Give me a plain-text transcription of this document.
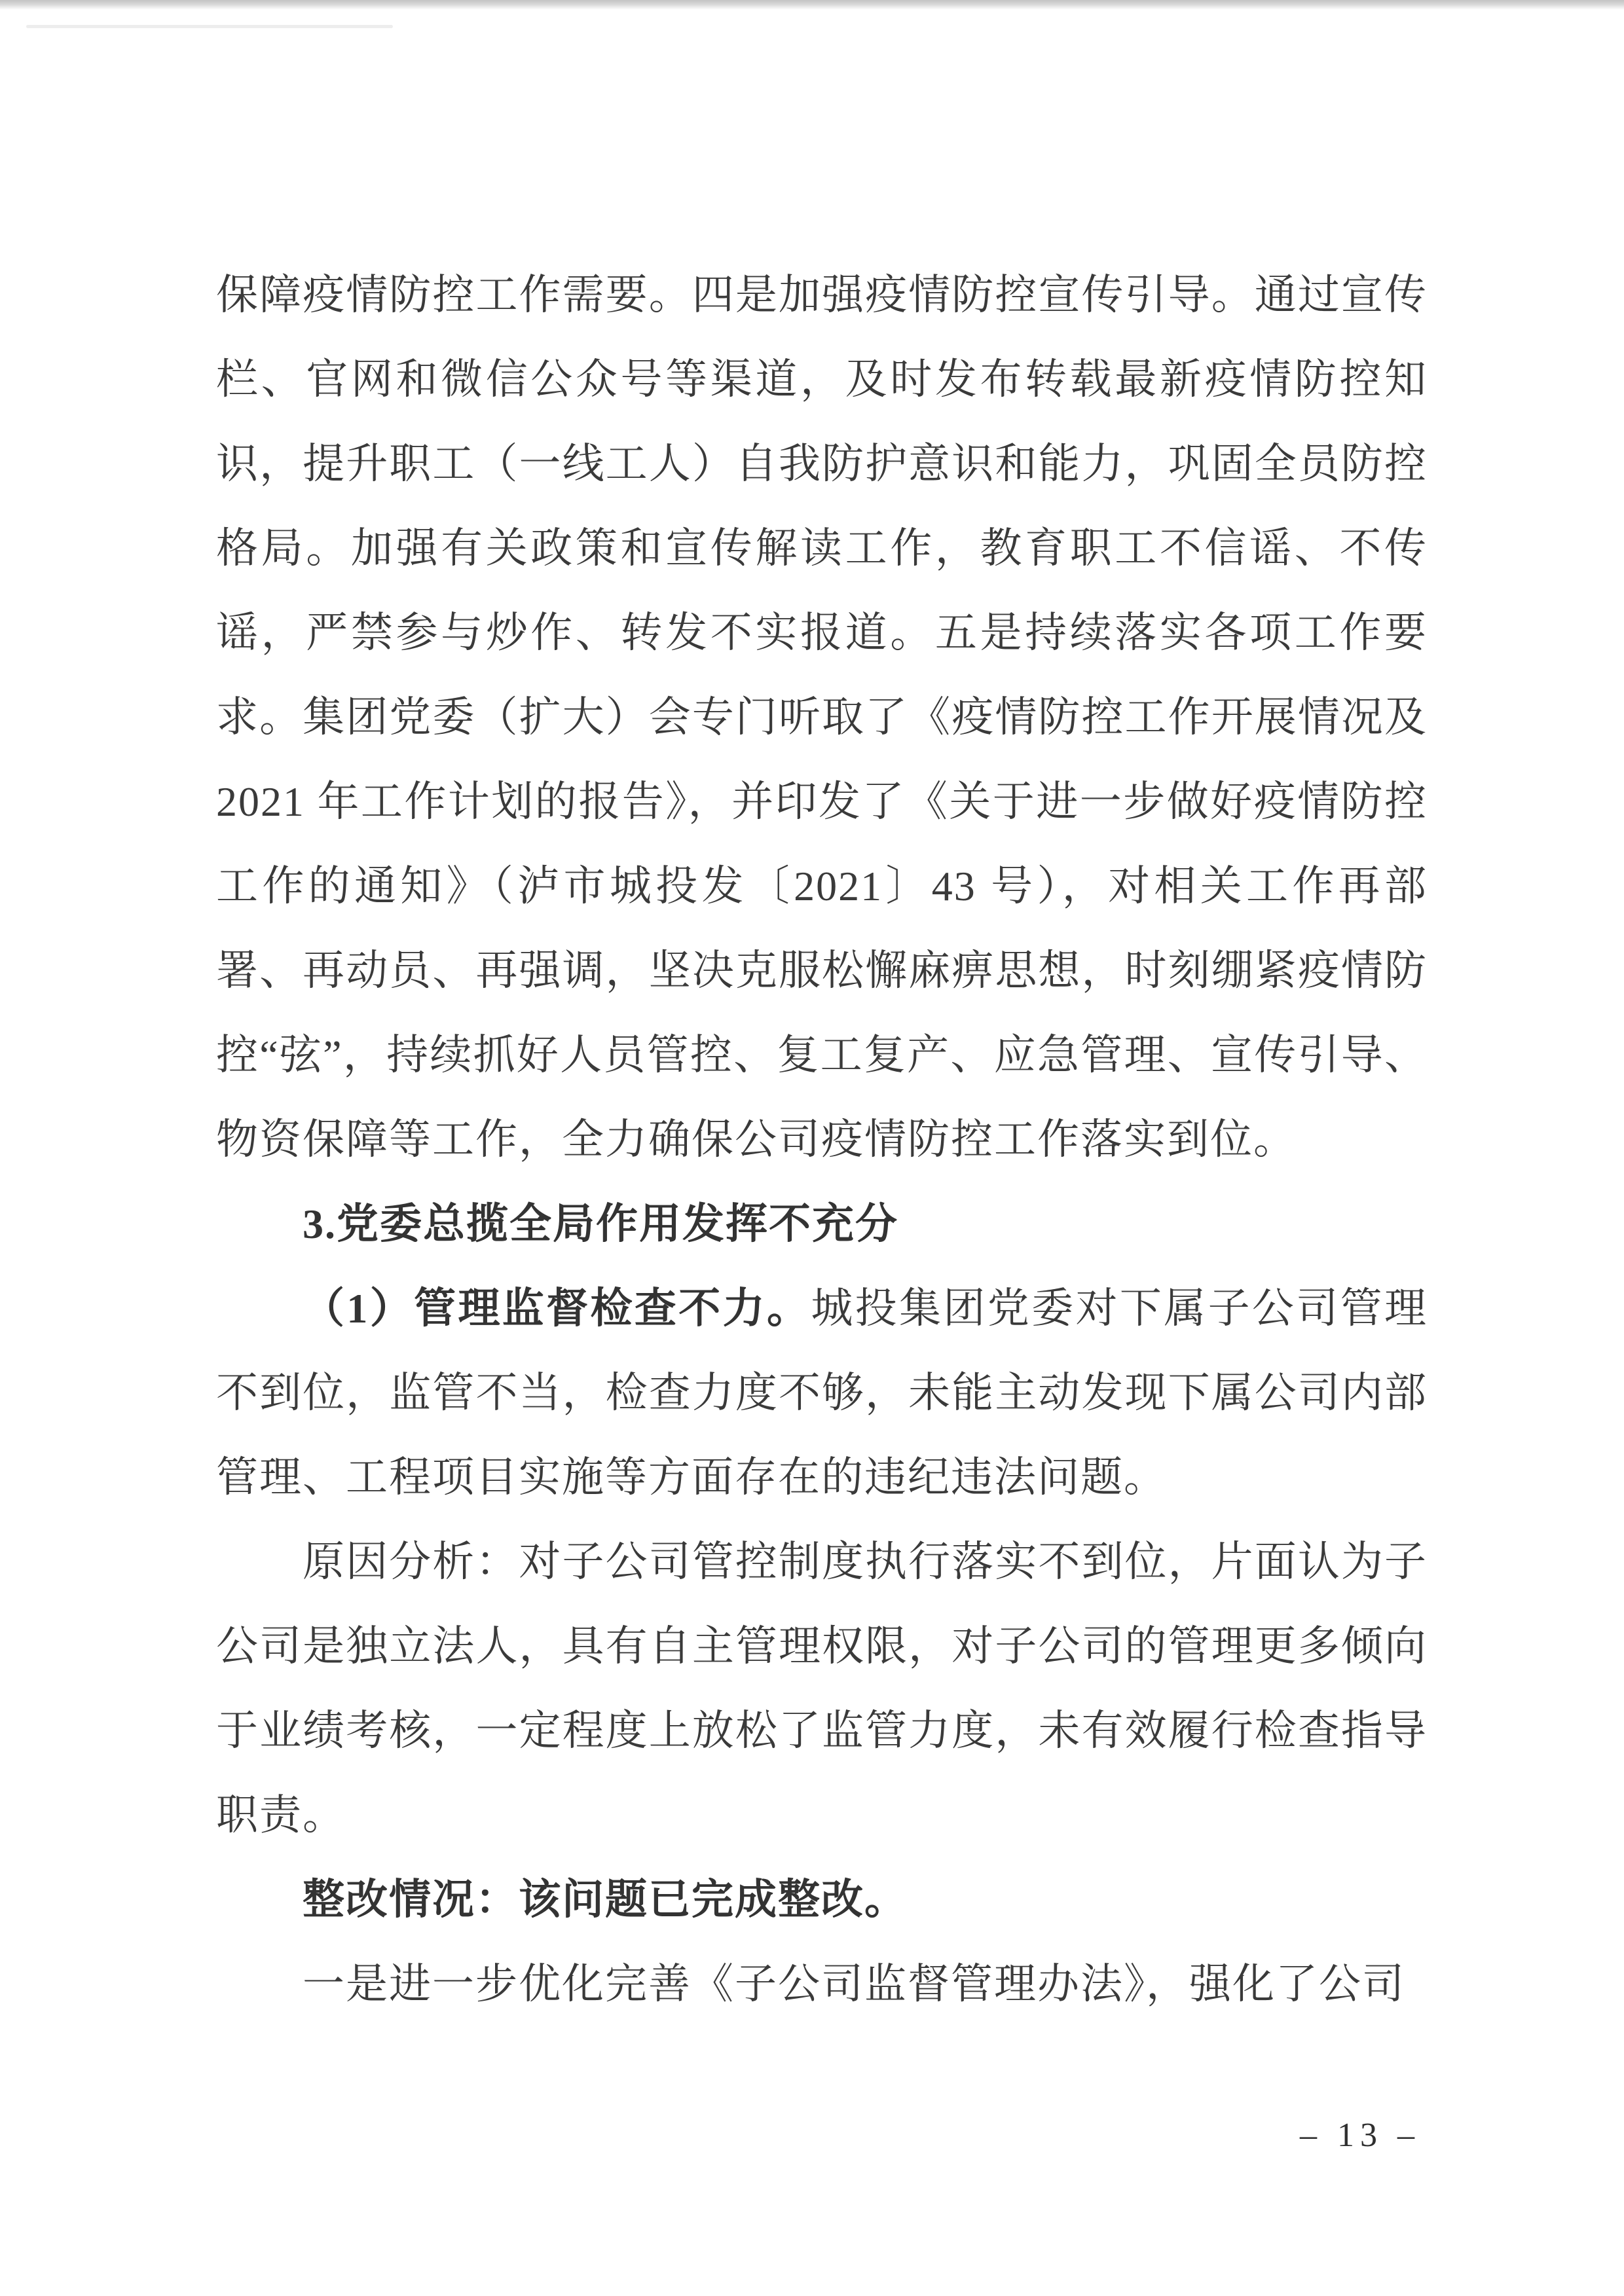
保障疫情防控工作需要。四是加强疫情防控宣传引导。通过宣传栏、官网和微信公众号等渠道，及时发布转载最新疫情防控知识，提升职工（一线工人）自我防护意识和能力，巩固全员防控格局。加强有关政策和宣传解读工作，教育职工不信谣、不传谣，严禁参与炒作、转发不实报道。五是持续落实各项工作要求。集团党委（扩大）会专门听取了《疫情防控工作开展情况及 2021 年工作计划的报告》，并印发了《关于进一步做好疫情防控工作的通知》（泸市城投发〔2021〕43 号），对相关工作再部署、再动员、再强调，坚决克服松懈麻痹思想，时刻绷紧疫情防控“弦”，持续抓好人员管控、复工复产、应急管理、宣传引导、物资保障等工作，全力确保公司疫情防控工作落实到位。

3.党委总揽全局作用发挥不充分

（1）管理监督检查不力。城投集团党委对下属子公司管理不到位，监管不当，检查力度不够，未能主动发现下属公司内部管理、工程项目实施等方面存在的违纪违法问题。

原因分析：对子公司管控制度执行落实不到位，片面认为子公司是独立法人，具有自主管理权限，对子公司的管理更多倾向于业绩考核，一定程度上放松了监管力度，未有效履行检查指导职责。

整改情况：该问题已完成整改。

一是进一步优化完善《子公司监督管理办法》，强化了公司

– 13 –
